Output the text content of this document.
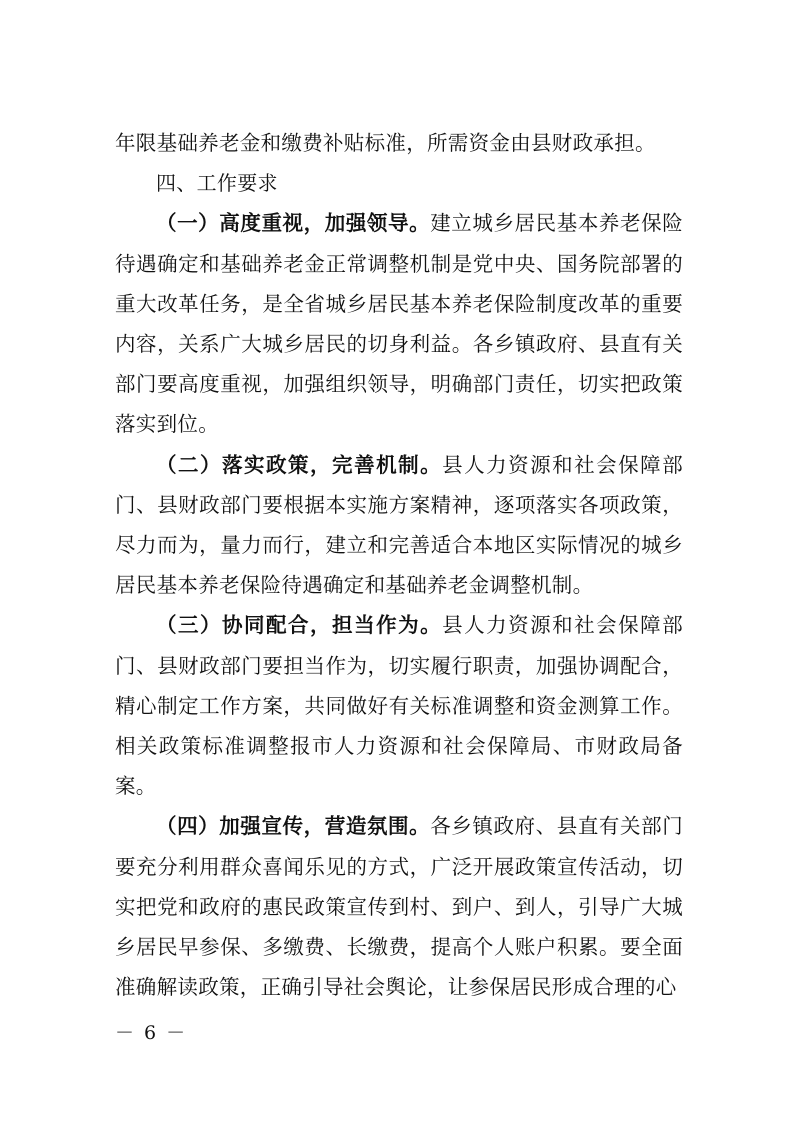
年限基础养老金和缴费补贴标准，所需资金由县财政承担。

四、工作要求

（一）高度重视，加强领导。建立城乡居民基本养老保险待遇确定和基础养老金正常调整机制是党中央、国务院部署的重大改革任务，是全省城乡居民基本养老保险制度改革的重要内容，关系广大城乡居民的切身利益。各乡镇政府、县直有关部门要高度重视，加强组织领导，明确部门责任，切实把政策落实到位。

（二）落实政策，完善机制。县人力资源和社会保障部门、县财政部门要根据本实施方案精神，逐项落实各项政策，尽力而为，量力而行，建立和完善适合本地区实际情况的城乡居民基本养老保险待遇确定和基础养老金调整机制。

（三）协同配合，担当作为。县人力资源和社会保障部门、县财政部门要担当作为，切实履行职责，加强协调配合，精心制定工作方案，共同做好有关标准调整和资金测算工作。相关政策标准调整报市人力资源和社会保障局、市财政局备案。

（四）加强宣传，营造氛围。各乡镇政府、县直有关部门要充分利用群众喜闻乐见的方式，广泛开展政策宣传活动，切实把党和政府的惠民政策宣传到村、到户、到人，引导广大城乡居民早参保、多缴费、长缴费，提高个人账户积累。要全面准确解读政策，正确引导社会舆论，让参保居民形成合理的心

－ 6 －
